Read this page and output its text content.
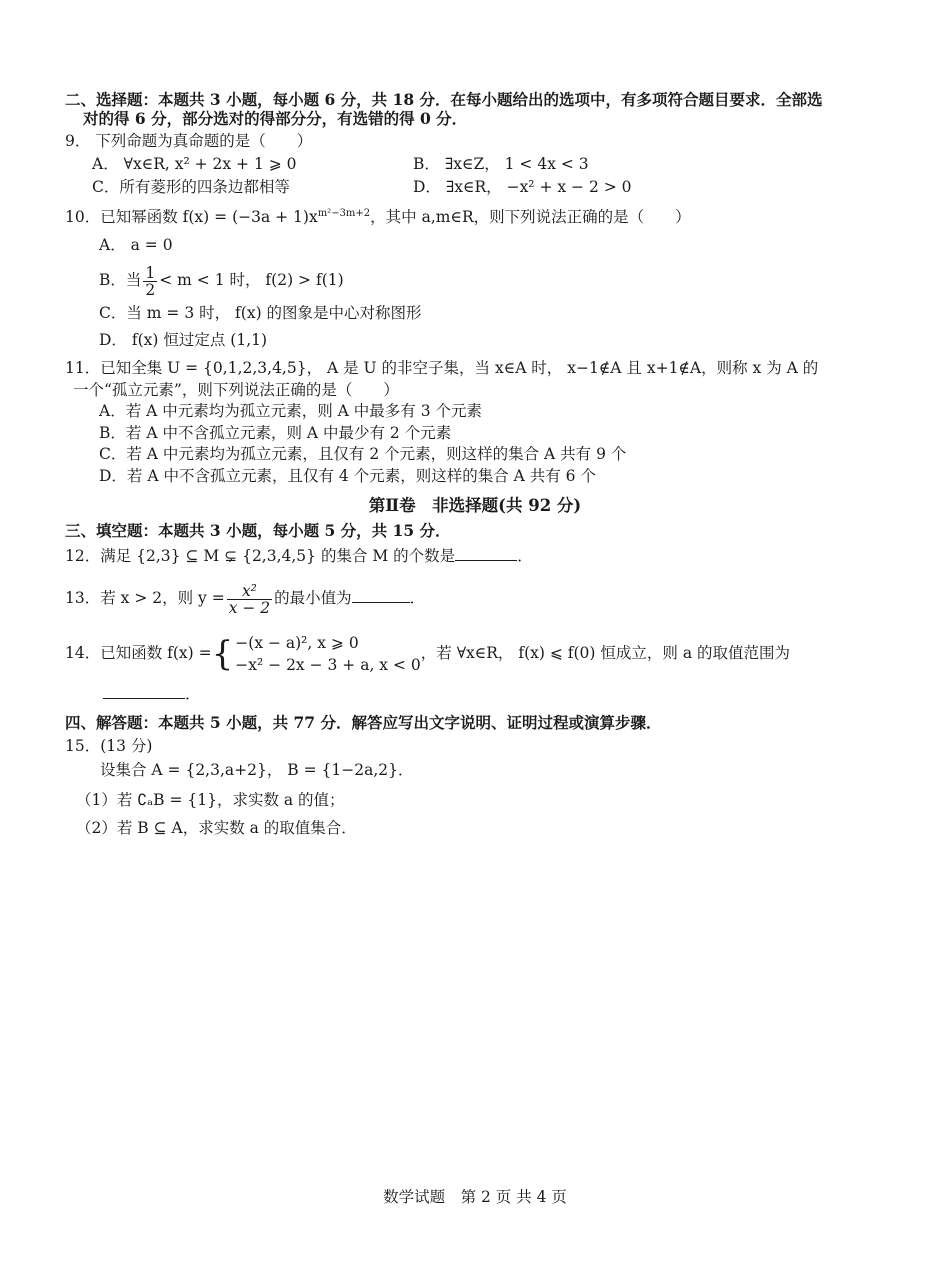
二、选择题：本题共 3 小题，每小题 6 分，共 18 分．在每小题给出的选项中，有多项符合题目要求．全部选
对的得 6 分，部分选对的得部分分，有选错的得 0 分．
9． 下列命题为真命题的是（　　）
A． ∀x∈R, x² + 2x + 1 ⩾ 0	B． ∃x∈Z， 1 < 4x < 3
C．所有菱形的四条边都相等	D． ∃x∈R， −x² + x − 2 > 0
10．已知幂函数 $f(x) = (-3a + 1)x^{m^2-3m+2}$，其中 a,m∈R，则下列说法正确的是（　　）
A． a = 0
B．当 $\frac{1}{2} < m < 1$ 时， f(2) > f(1)
C．当 m = 3 时， f(x) 的图象是中心对称图形
D． f(x) 恒过定点 (1,1)
11．已知全集 U = {0,1,2,3,4,5}， A 是 U 的非空子集，当 x∈A 时， x−1∉A 且 x+1∉A，则称 x 为 A 的
一个“孤立元素”，则下列说法正确的是（　　）
A．若 A 中元素均为孤立元素，则 A 中最多有 3 个元素
B．若 A 中不含孤立元素，则 A 中最少有 2 个元素
C．若 A 中元素均为孤立元素，且仅有 2 个元素，则这样的集合 A 共有 9 个
D．若 A 中不含孤立元素，且仅有 4 个元素，则这样的集合 A 共有 6 个
第Ⅱ卷　非选择题(共 92 分)
三、填空题：本题共 3 小题，每小题 5 分，共 15 分．
12．满足 {2,3} ⊆ M ⊊ {2,3,4,5} 的集合 M 的个数是	．
13．若 x > 2，则 $y = \frac{\text{x²}}{x - 2}$ 的最小值为	．
14．已知函数 f(x) ={ −(x − a)², x ⩾ 0
−x² − 2x − 3 + a, x < 0
，若 ∀x∈R， f(x) ⩽ f(0) 恒成立，则 a 的取值范围为
．
四、解答题：本题共 5 小题，共 77 分．解答应写出文字说明、证明过程或演算步骤．
15．(13 分)
设集合 A = {2,3,a+2}， B = {1−2a,2}．
（1）若 ∁ₐB = {1}，求实数 a 的值；
（2）若 B ⊆ A，求实数 a 的取值集合．
数学试题　第 2 页 共 4 页
